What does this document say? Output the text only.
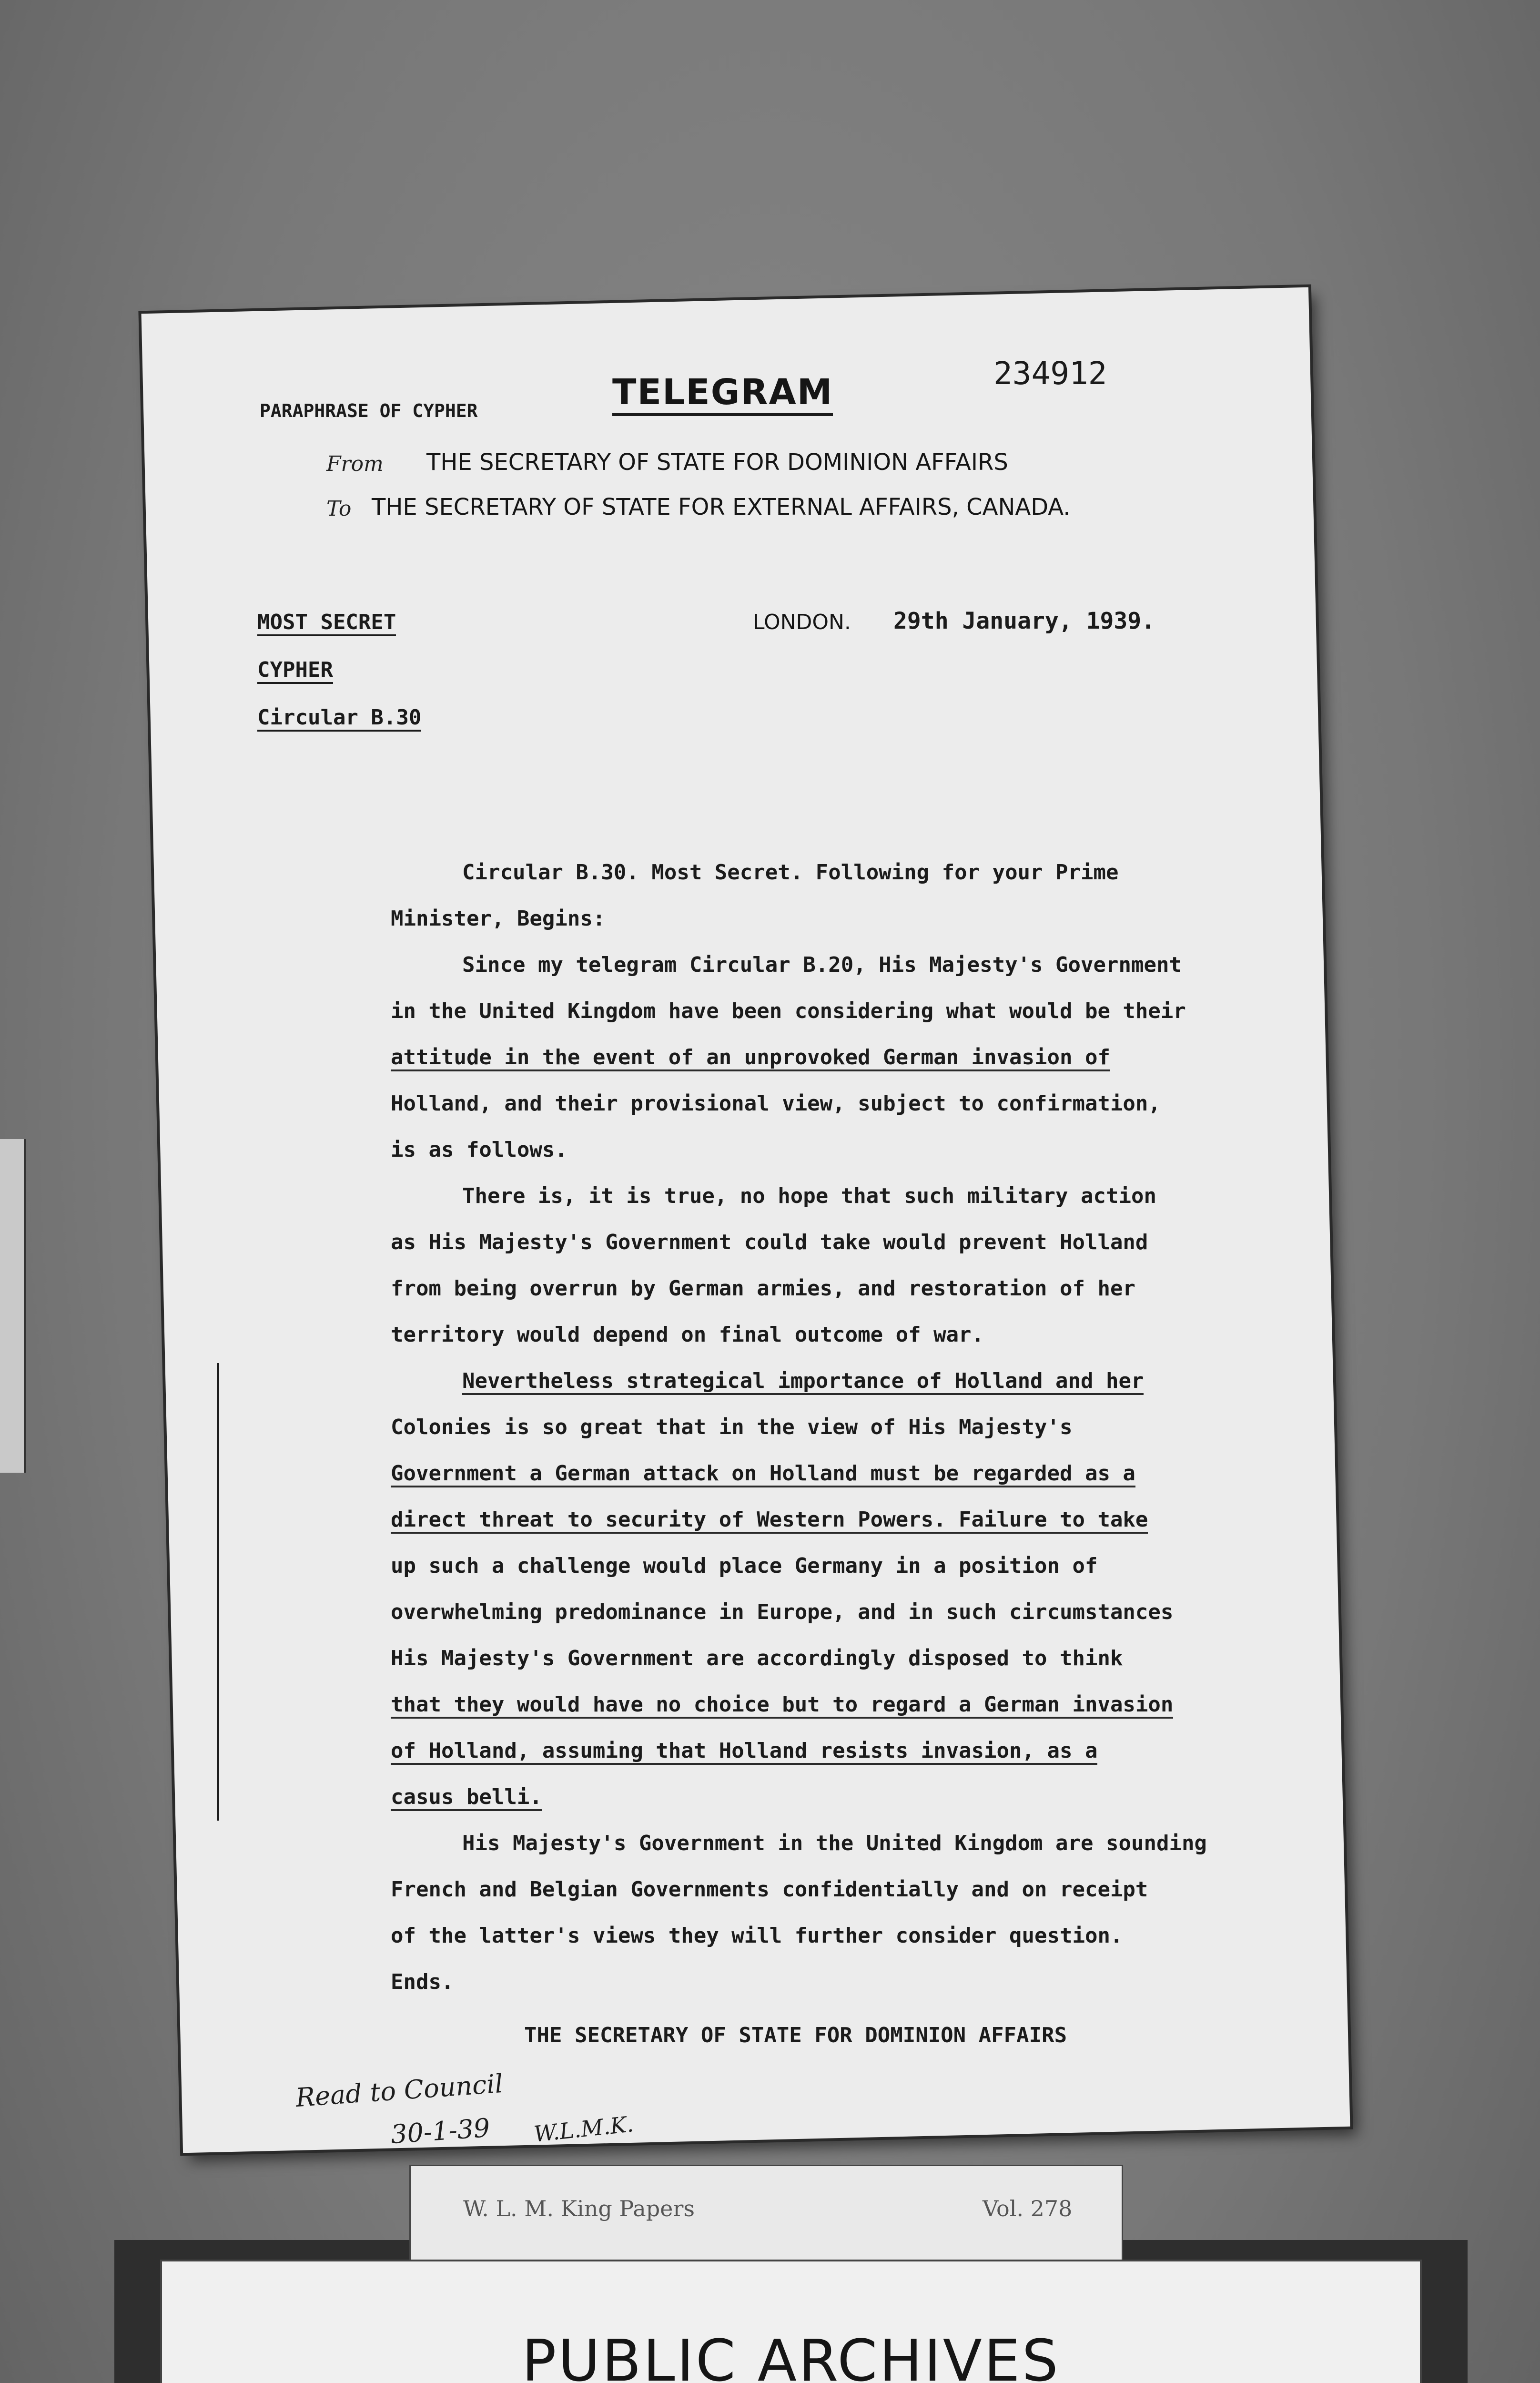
PARAPHRASE OF CYPHER	TELEGRAM	234912
From THE SECRETARY OF STATE FOR DOMINION AFFAIRS
To THE SECRETARY OF STATE FOR EXTERNAL AFFAIRS, CANADA.
MOST SECRET
CYPHER
Circular B.30
LONDON. 29th January, 1939.
Circular B.30. Most Secret. Following for your Prime
Minister, Begins:
Since my telegram Circular B.20, His Majesty's Government
in the United Kingdom have been considering what would be their
attitude in the event of an unprovoked German invasion of
Holland, and their provisional view, subject to confirmation,
is as follows.
There is, it is true, no hope that such military action
as His Majesty's Government could take would prevent Holland
from being overrun by German armies, and restoration of her
territory would depend on final outcome of war.
Nevertheless strategical importance of Holland and her
Colonies is so great that in the view of His Majesty's
Government a German attack on Holland must be regarded as a
direct threat to security of Western Powers. Failure to take
up such a challenge would place Germany in a position of
overwhelming predominance in Europe, and in such circumstances
His Majesty's Government are accordingly disposed to think
that they would have no choice but to regard a German invasion
of Holland, assuming that Holland resists invasion, as a
casus belli.
His Majesty's Government in the United Kingdom are sounding
French and Belgian Governments confidentially and on receipt
of the latter's views they will further consider question.
Ends.
THE SECRETARY OF STATE FOR DOMINION AFFAIRS
Read to Council
30-1-39 W.L.M.K.
W. L. M. King Papers	Vol. 278
PUBLIC ARCHIVES
